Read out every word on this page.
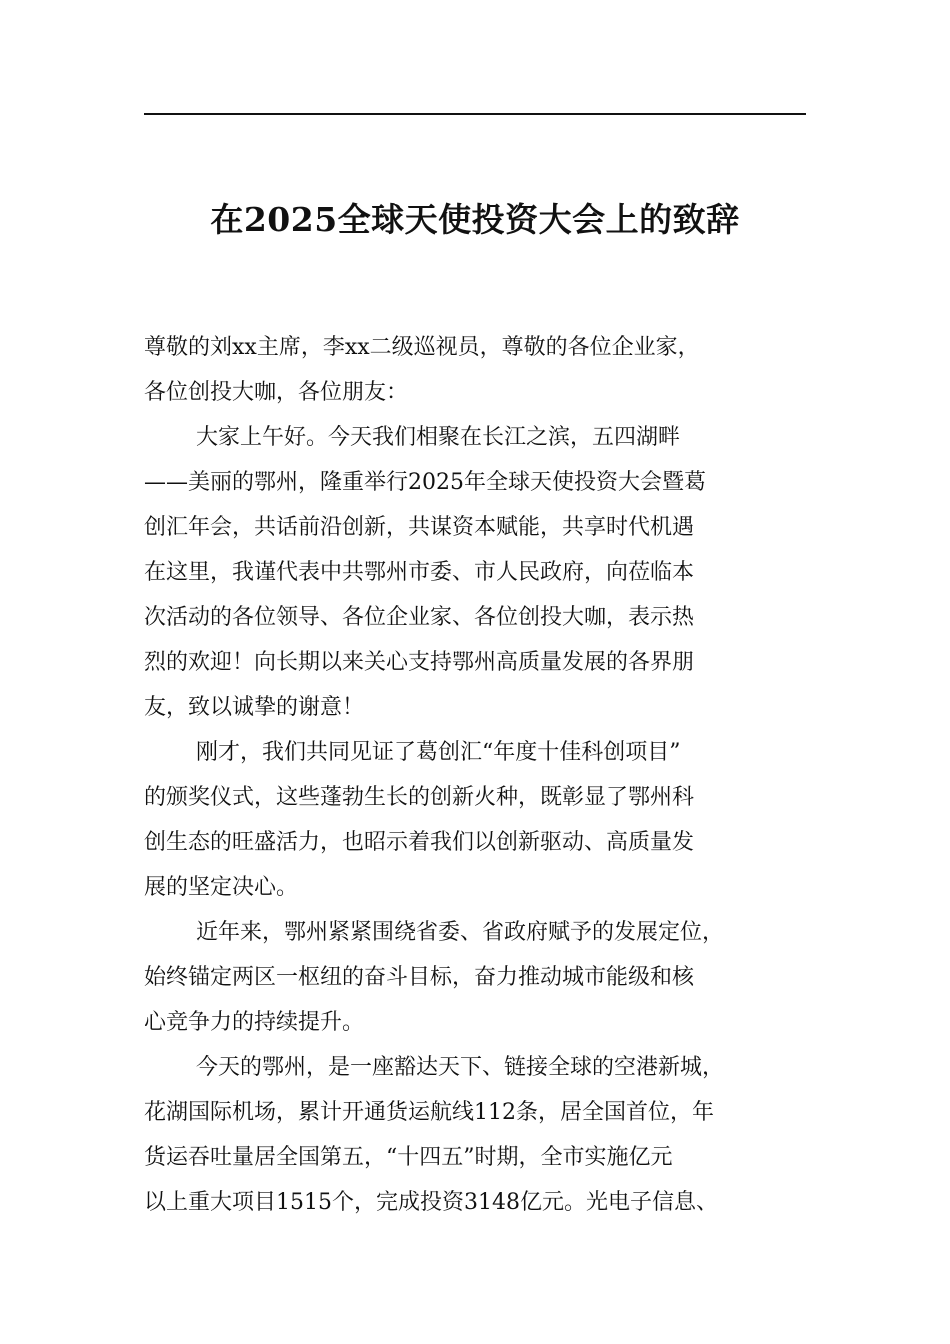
在2025全球天使投资大会上的致辞
尊敬的刘xx主席，李xx二级巡视员，尊敬的各位企业家，
各位创投大咖，各位朋友：
大家上午好。今天我们相聚在长江之滨，五四湖畔
——美丽的鄂州，隆重举行2025年全球天使投资大会暨葛
创汇年会，共话前沿创新，共谋资本赋能，共享时代机遇
在这里，我谨代表中共鄂州市委、市人民政府，向莅临本
次活动的各位领导、各位企业家、各位创投大咖，表示热
烈的欢迎！向长期以来关心支持鄂州高质量发展的各界朋
友，致以诚挚的谢意！
刚才，我们共同见证了葛创汇“年度十佳科创项目”
的颁奖仪式，这些蓬勃生长的创新火种，既彰显了鄂州科
创生态的旺盛活力，也昭示着我们以创新驱动、高质量发
展的坚定决心。
近年来，鄂州紧紧围绕省委、省政府赋予的发展定位，
始终锚定两区一枢纽的奋斗目标，奋力推动城市能级和核
心竞争力的持续提升。
今天的鄂州，是一座豁达天下、链接全球的空港新城，
花湖国际机场，累计开通货运航线112条，居全国首位，年
货运吞吐量居全国第五，“十四五”时期，全市实施亿元
以上重大项目1515个，完成投资3148亿元。光电子信息、
